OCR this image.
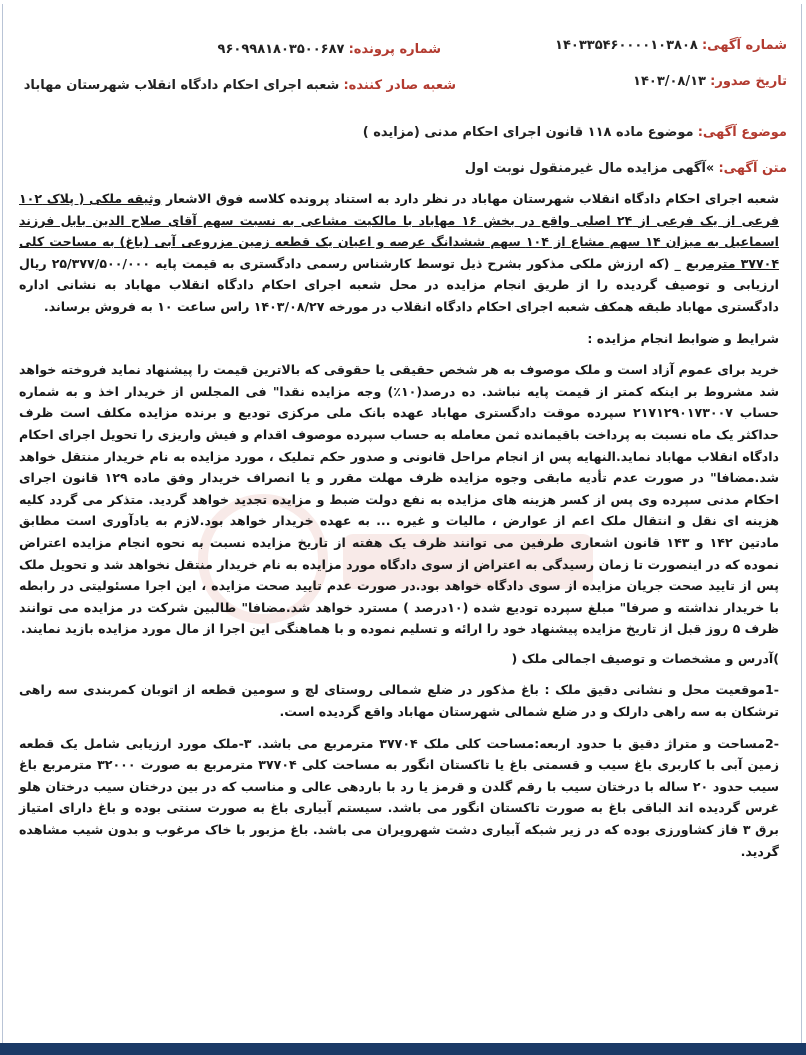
شماره آگهی: ۱۴۰۳۳۵۴۶۰۰۰۰۱۰۳۸۰۸
شماره پرونده: ۹۶۰۹۹۸۱۸۰۳۵۰۰۶۸۷
تاریخ صدور: ۱۴۰۳/۰۸/۱۳
شعبه صادر کننده: شعبه اجرای احکام دادگاه انقلاب شهرستان مهاباد
موضوع آگهی: موضوع ماده ۱۱۸ قانون اجرای احکام مدنی (مزایده )
متن آگهی: »آگهی مزایده مال غیرمنقول نوبت اول

شعبه اجرای احکام دادگاه انقلاب شهرستان مهاباد در نظر دارد به استناد پرونده کلاسه فوق الاشعار وثیقه ملکی ( پلاک ۱۰۲ فرعی از یک فرعی از ۲۴ اصلی واقع در بخش ۱۶ مهاباد با مالکیت مشاعی به نسبت سهم آقای صلاح الدین بابل فرزند اسماعیل به میزان ۱۴ سهم مشاع از ۱۰۴ سهم ششدانگ عرصه و اعیان یک قطعه زمین مزروعی آبی (باغ) به مساحت کلی ۳۷۷۰۴ مترمربع _ (که ارزش ملکی مذکور بشرح ذیل توسط کارشناس رسمی دادگستری به قیمت پایه ۲۵/۳۷۷/۵۰۰/۰۰۰ ریال ارزیابی و توصیف گردیده را از طریق انجام مزایده در محل شعبه اجرای احکام دادگاه انقلاب مهاباد به نشانی اداره دادگستری مهاباد طبقه همکف شعبه اجرای احکام دادگاه انقلاب در مورخه ۱۴۰۳/۰۸/۲۷ راس ساعت ۱۰ به فروش برساند.

شرایط و ضوابط انجام مزایده :

خرید برای عموم آزاد است و ملک موصوف به هر شخص حقیقی یا حقوقی که بالاترین قیمت را پیشنهاد نماید فروخته خواهد شد مشروط بر اینکه کمتر از قیمت پایه نباشد. ده درصد(۱۰٪) وجه مزایده نقدا" فی المجلس از خریدار اخذ و به شماره حساب ۲۱۷۱۲۹۰۱۷۳۰۰۷ سپرده موقت دادگستری مهاباد عهده بانک ملی مرکزی تودیع و برنده مزایده مکلف است ظرف حداکثر یک ماه نسبت به پرداخت باقیمانده ثمن معامله به حساب سپرده موصوف اقدام و فیش واریزی را تحویل اجرای احکام دادگاه انقلاب مهاباد نماید.النهایه پس از انجام مراحل قانونی و صدور حکم تملیک ، مورد مزایده به نام خریدار منتقل خواهد شد.مضافا" در صورت عدم تأدیه مابقی وجوه مزایده ظرف مهلت مقرر و یا انصراف خریدار وفق ماده ۱۲۹ قانون اجرای احکام مدنی سپرده وی پس از کسر هزینه های مزایده به نفع دولت ضبط و مزایده تجدید خواهد گردید. متذکر می گردد کلیه هزینه ای نقل و انتقال ملک اعم از عوارض ، مالیات و غیره ... به عهده خریدار خواهد بود.لازم به یادآوری است مطابق مادتین ۱۴۲ و ۱۴۳ قانون اشعاری طرفین می توانند ظرف یک هفته از تاریخ مزایده نسبت به نحوه انجام مزایده اعتراض نموده که در اینصورت تا زمان رسیدگی به اعتراض از سوی دادگاه مورد مزایده به نام خریدار منتقل نخواهد شد و تحویل ملک پس از تایید صحت جریان مزایده از سوی دادگاه خواهد بود.در صورت عدم تایید صحت مزایده ، این اجرا مسئولیتی در رابطه با خریدار نداشته و صرفا" مبلغ سپرده تودیع شده (۱۰درصد ) مسترد خواهد شد.مضافا" طالبین شرکت در مزایده می توانند ظرف ۵ روز قبل از تاریخ مزایده پیشنهاد خود را ارائه و تسلیم نموده و با هماهنگی این اجرا از مال مورد مزایده بازید نمایند.

)آدرس و مشخصات و توصیف اجمالی ملک (

-1موقعیت محل و نشانی دقیق ملک : باغ مذکور در ضلع شمالی روستای لچ و سومین قطعه از اتوبان کمربندی سه راهی ترشکان به سه راهی دارلک و در ضلع شمالی شهرستان مهاباد واقع گردیده است.

-2مساحت و متراژ دقیق با حدود اربعه:مساحت کلی ملک ۳۷۷۰۴ مترمربع می باشد. ۳-ملک مورد ارزیابی شامل یک قطعه زمین آبی با کاربری باغ سیب و قسمتی باغ یا تاکستان انگور به مساحت کلی ۳۷۷۰۴ مترمربع به صورت ۳۲۰۰۰ مترمربع باغ سیب حدود ۲۰ ساله با درختان سیب با رقم گلدن و قرمز یا رد با باردهی عالی و مناسب که در بین درختان سیب درختان هلو غرس گردیده اند الباقی باغ به صورت تاکستان انگور می باشد. سیستم آبیاری باغ به صورت سنتی بوده و باغ دارای امتیاز برق ۳ فاز کشاورزی بوده که در زیر شبکه آبیاری دشت شهرویران می باشد. باغ مزبور با خاک مرغوب و بدون شیب مشاهده گردید.
